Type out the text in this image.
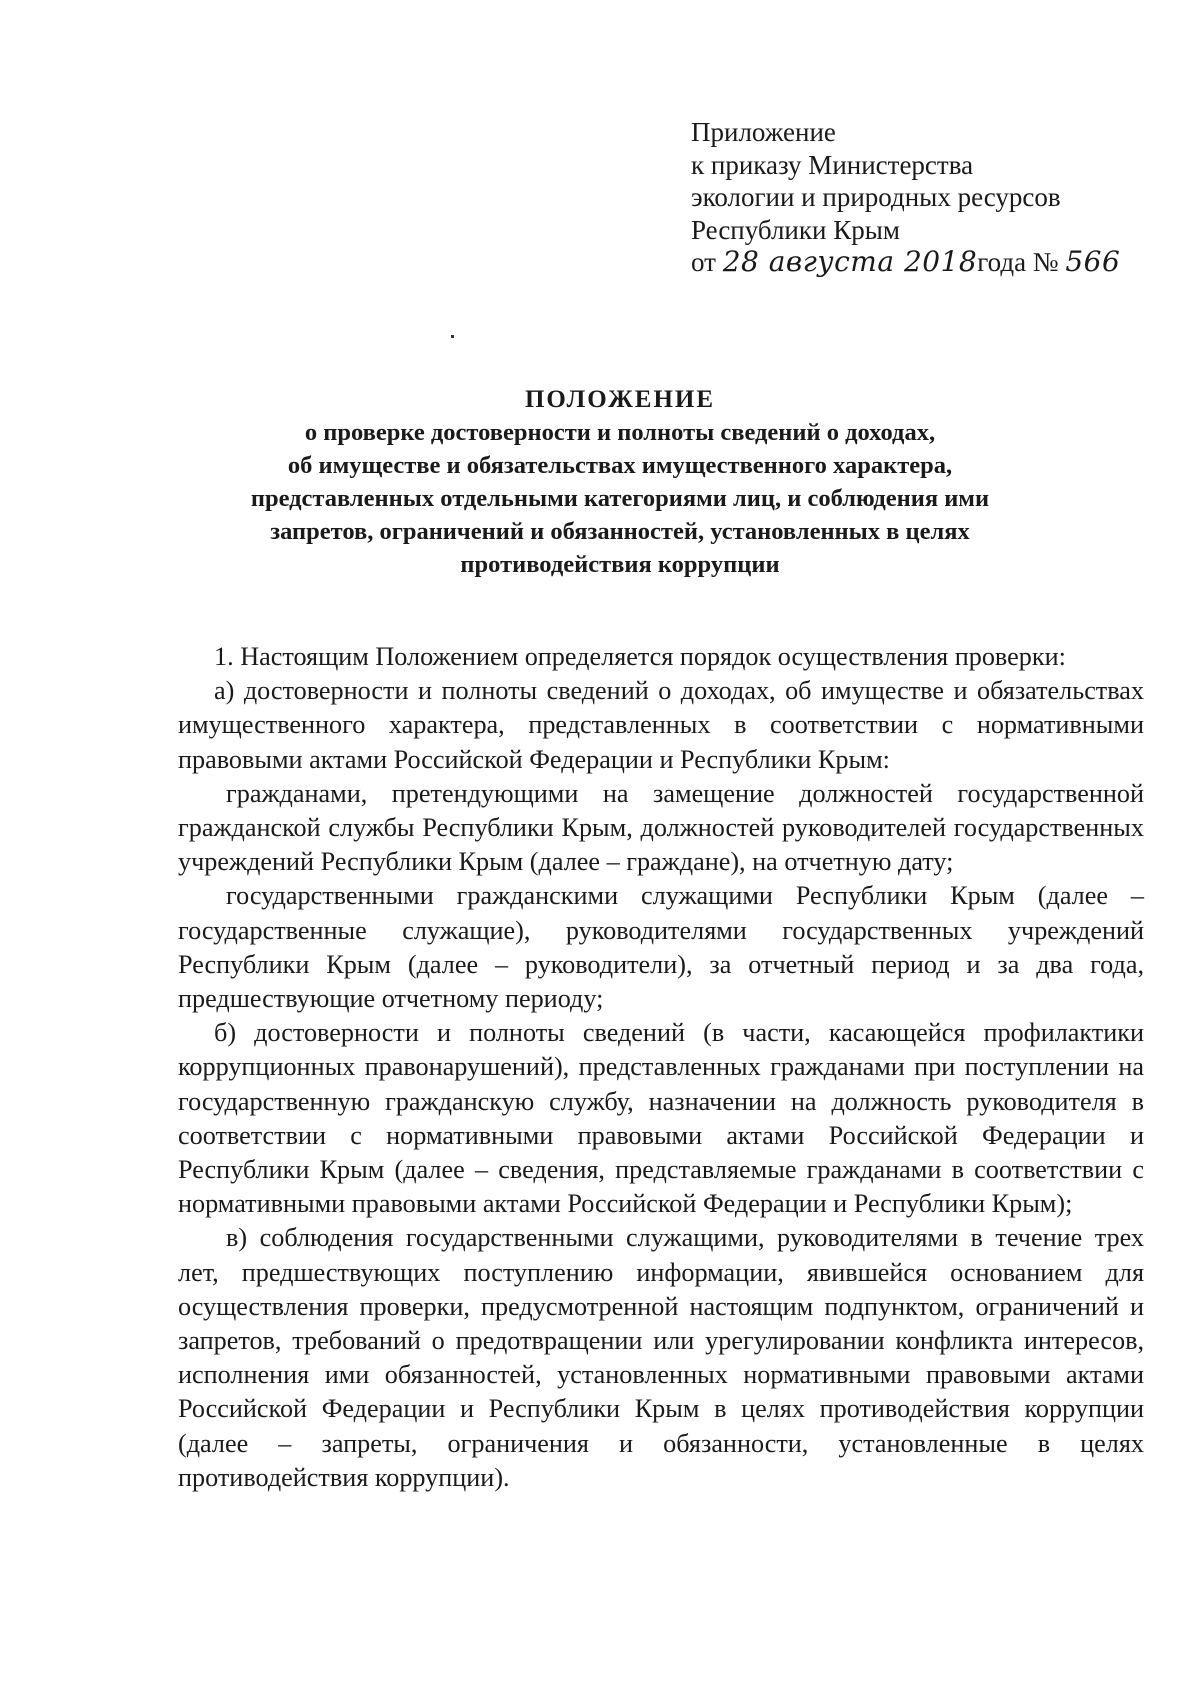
Приложение
к приказу Министерства
экологии и природных ресурсов
Республики Крым
от 28 августа 2018года № 566
ПОЛОЖЕНИЕ
о проверке достоверности и полноты сведений о доходах,
об имуществе и обязательствах имущественного характера,
представленных отдельными категориями лиц, и соблюдения ими
запретов, ограничений и обязанностей, установленных в целях
противодействия коррупции

1. Настоящим Положением определяется порядок осуществления проверки:

а) достоверности и полноты сведений о доходах, об имуществе и обязательствах имущественного характера, представленных в соответствии с нормативными правовыми актами Российской Федерации и Республики Крым:

гражданами, претендующими на замещение должностей государственной гражданской службы Республики Крым, должностей руководителей государственных учреждений Республики Крым (далее – граждане), на отчетную дату;

государственными гражданскими служащими Республики Крым (далее – государственные служащие), руководителями государственных учреждений Республики Крым (далее – руководители), за отчетный период и за два года, предшествующие отчетному периоду;

б) достоверности и полноты сведений (в части, касающейся профилактики коррупционных правонарушений), представленных гражданами при поступлении на государственную гражданскую службу, назначении на должность руководителя в соответствии с нормативными правовыми актами Российской Федерации и Республики Крым (далее – сведения, представляемые гражданами в соответствии с нормативными правовыми актами Российской Федерации и Республики Крым);

в) соблюдения государственными служащими, руководителями в течение трех лет, предшествующих поступлению информации, явившейся основанием для осуществления проверки, предусмотренной настоящим подпунктом, ограничений и запретов, требований о предотвращении или урегулировании конфликта интересов, исполнения ими обязанностей, установленных нормативными правовыми актами Российской Федерации и Республики Крым в целях противодействия коррупции (далее – запреты, ограничения и обязанности, установленные в целях противодействия коррупции).
